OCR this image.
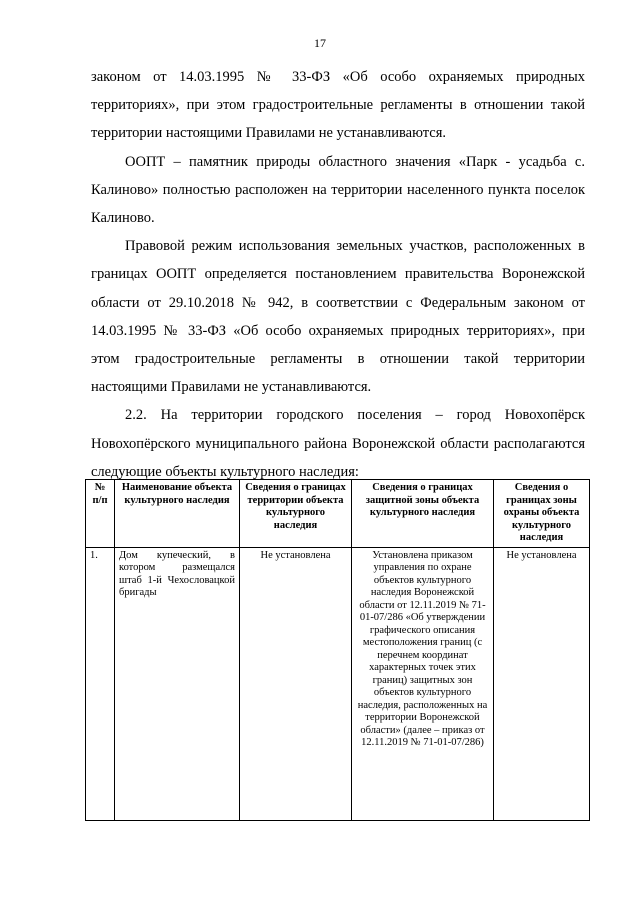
17

законом от 14.03.1995 № 33-ФЗ «Об особо охраняемых природных территориях», при этом градостроительные регламенты в отношении такой территории настоящими Правилами не устанавливаются.

ООПТ – памятник природы областного значения «Парк - усадьба с. Калиново» полностью расположен на территории населенного пункта поселок Калиново.

Правовой режим использования земельных участков, расположенных в границах ООПТ определяется постановлением правительства Воронежской области от 29.10.2018 № 942, в соответствии с Федеральным законом от 14.03.1995 № 33-ФЗ «Об особо охраняемых природных территориях», при этом градостроительные регламенты в отношении такой территории настоящими Правилами не устанавливаются.

2.2. На территории городского поселения – город Новохопёрск Новохопёрского муниципального района Воронежской области располагаются следующие объекты культурного наследия:

№ п/п	Наименование объекта культурного наследия	Сведения о границах территории объекта культурного наследия	Сведения о границах защитной зоны объекта культурного наследия	Сведения о границах зоны охраны объекта культурного наследия
1.	Дом купеческий, в котором размещался штаб 1-й Чехословацкой бригады	Не установлена	Установлена приказом управления по охране объектов культурного наследия Воронежской области от 12.11.2019 № 71-01-07/286 «Об утверждении графического описания местоположения границ (с перечнем координат характерных точек этих границ) защитных зон объектов культурного наследия, расположенных на территории Воронежской области» (далее – приказ от 12.11.2019 № 71-01-07/286)	Не установлена
